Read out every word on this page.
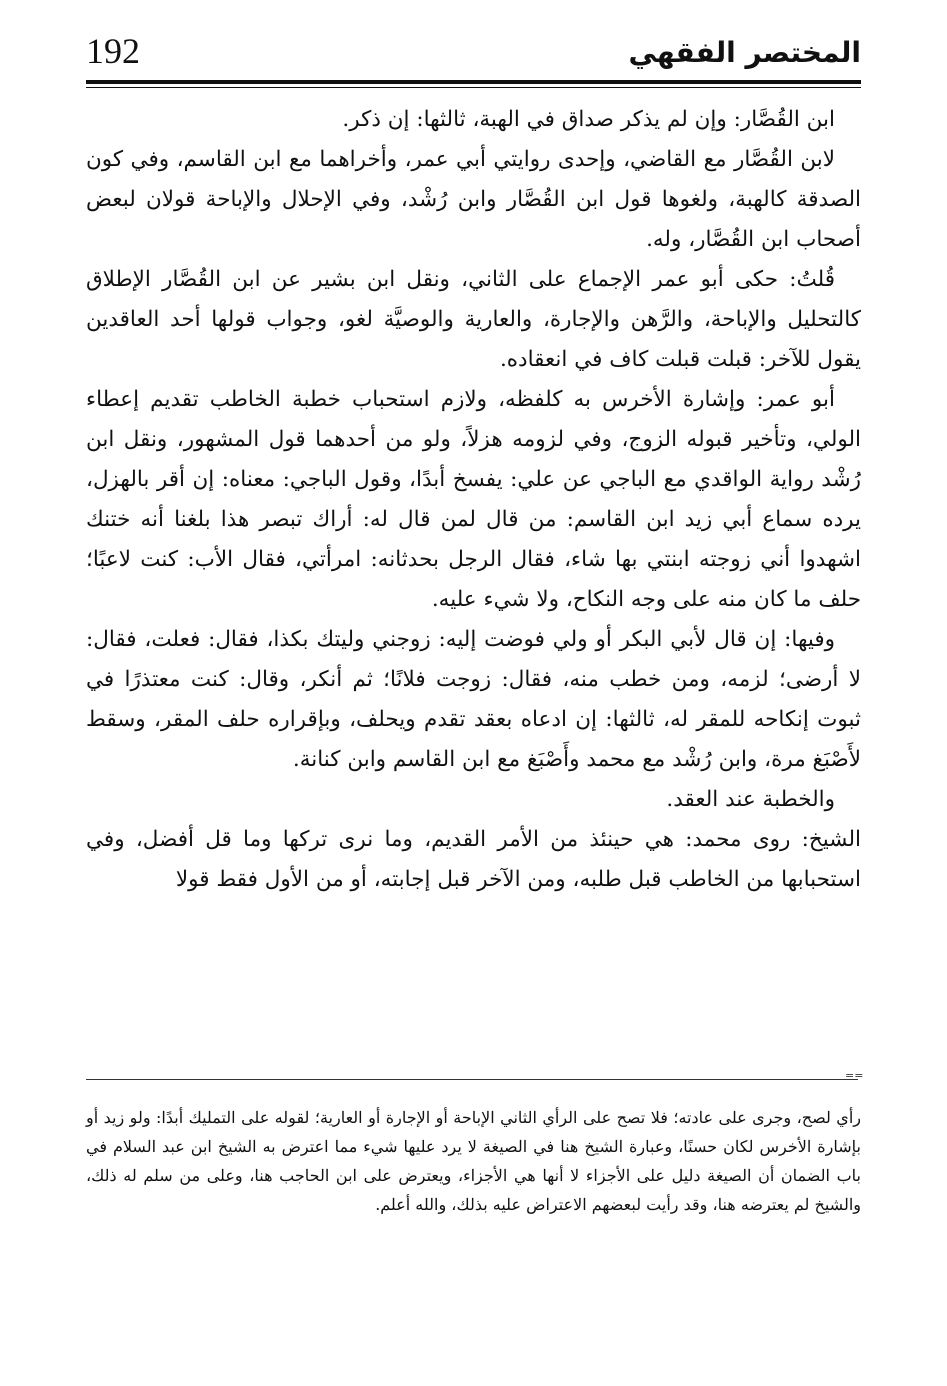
192	المختصر الفقهي

ابن القُصَّار: وإن لم يذكر صداق في الهبة، ثالثها: إن ذكر.

لابن القُصَّار مع القاضي، وإحدى روايتي أبي عمر، وأخراهما مع ابن القاسم، وفي كون الصدقة كالهبة، ولغوها قول ابن القُصَّار وابن رُشْد، وفي الإحلال والإباحة قولان لبعض أصحاب ابن القُصَّار، وله.

قُلتُ: حكى أبو عمر الإجماع على الثاني، ونقل ابن بشير عن ابن القُصَّار الإطلاق كالتحليل والإباحة، والرَّهن والإجارة، والعارية والوصيَّة لغو، وجواب قولها أحد العاقدين يقول للآخر: قبلت قبلت كاف في انعقاده.

أبو عمر: وإشارة الأخرس به كلفظه، ولازم استحباب خطبة الخاطب تقديم إعطاء الولي، وتأخير قبوله الزوج، وفي لزومه هزلاً، ولو من أحدهما قول المشهور، ونقل ابن رُشْد رواية الواقدي مع الباجي عن علي: يفسخ أبدًا، وقول الباجي: معناه: إن أقر بالهزل، يرده سماع أبي زيد ابن القاسم: من قال لمن قال له: أراك تبصر هذا بلغنا أنه ختنك اشهدوا أني زوجته ابنتي بها شاء، فقال الرجل بحدثانه: امرأتي، فقال الأب: كنت لاعبًا؛ حلف ما كان منه على وجه النكاح، ولا شيء عليه.

وفيها: إن قال لأبي البكر أو ولي فوضت إليه: زوجني وليتك بكذا، فقال: فعلت، فقال: لا أرضى؛ لزمه، ومن خطب منه، فقال: زوجت فلانًا؛ ثم أنكر، وقال: كنت معتذرًا في ثبوت إنكاحه للمقر له، ثالثها: إن ادعاه بعقد تقدم ويحلف، وبإقراره حلف المقر، وسقط لأَصْبَغ مرة، وابن رُشْد مع محمد وأَصْبَغ مع ابن القاسم وابن كنانة.

والخطبة عند العقد.

الشيخ: روى محمد: هي حينئذ من الأمر القديم، وما نرى تركها وما قل أفضل، وفي استحبابها من الخاطب قبل طلبه، ومن الآخر قبل إجابته، أو من الأول فقط قولا

==

رأي لصح، وجرى على عادته؛ فلا تصح على الرأي الثاني الإباحة أو الإجارة أو العارية؛ لقوله على التمليك أبدًا: ولو زيد أو بإشارة الأخرس لكان حسنًا، وعبارة الشيخ هنا في الصيغة لا يرد عليها شيء مما اعترض به الشيخ ابن عبد السلام في باب الضمان أن الصيغة دليل على الأجزاء لا أنها هي الأجزاء، ويعترض على ابن الحاجب هنا، وعلى من سلم له ذلك، والشيخ لم يعترضه هنا، وقد رأيت لبعضهم الاعتراض عليه بذلك، والله أعلم.
